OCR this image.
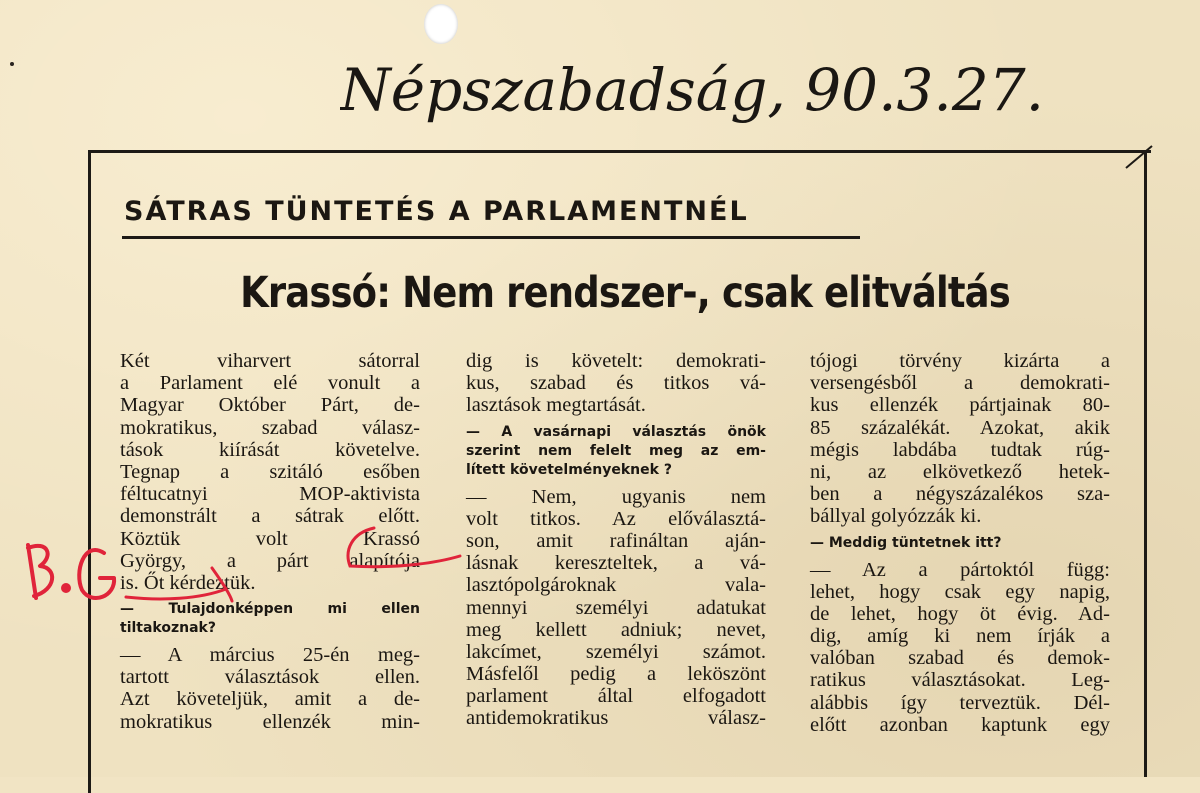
Népszabadság, 90.3.27.
SÁTRAS TÜNTETÉS A PARLAMENTNÉL
Krassó: Nem rendszer-, csak elitváltás
Két viharvert sátorral
a Parlament elé vonult a
Magyar Október Párt, de-
mokratikus, szabad válasz-
tások kiírását követelve.
Tegnap a szitáló esőben
féltucatnyi MOP-aktivista
demonstrált a sátrak előtt.
Köztük volt Krassó
György, a párt alapítója
is. Őt kérdeztük.
— Tulajdonképpen mi ellen
tiltakoznak?
— A március 25-én meg-
tartott választások ellen.
Azt követeljük, amit a de-
mokratikus ellenzék min-
dig is követelt: demokrati-
kus, szabad és titkos vá-
lasztások megtartását.
— A vasárnapi választás önök
szerint nem felelt meg az em-
lített követelményeknek ?
— Nem, ugyanis nem
volt titkos. Az előválasztá-
son, amit rafináltan aján-
lásnak kereszteltek, a vá-
lasztópolgároknak vala-
mennyi személyi adatukat
meg kellett adniuk; nevet,
lakcímet, személyi számot.
Másfelől pedig a leköszönt
parlament által elfogadott
antidemokratikus válasz-
tójogi törvény kizárta a
versengésből a demokrati-
kus ellenzék pártjainak 80-
85 százalékát. Azokat, akik
mégis labdába tudtak rúg-
ni, az elkövetkező hetek-
ben a négyszázalékos sza-
bállyal golyózzák ki.
— Meddig tüntetnek itt?
— Az a pártoktól függ:
lehet, hogy csak egy napig,
de lehet, hogy öt évig. Ad-
dig, amíg ki nem írják a
valóban szabad és demok-
ratikus választásokat. Leg-
alábbis így terveztük. Dél-
előtt azonban kaptunk egy
